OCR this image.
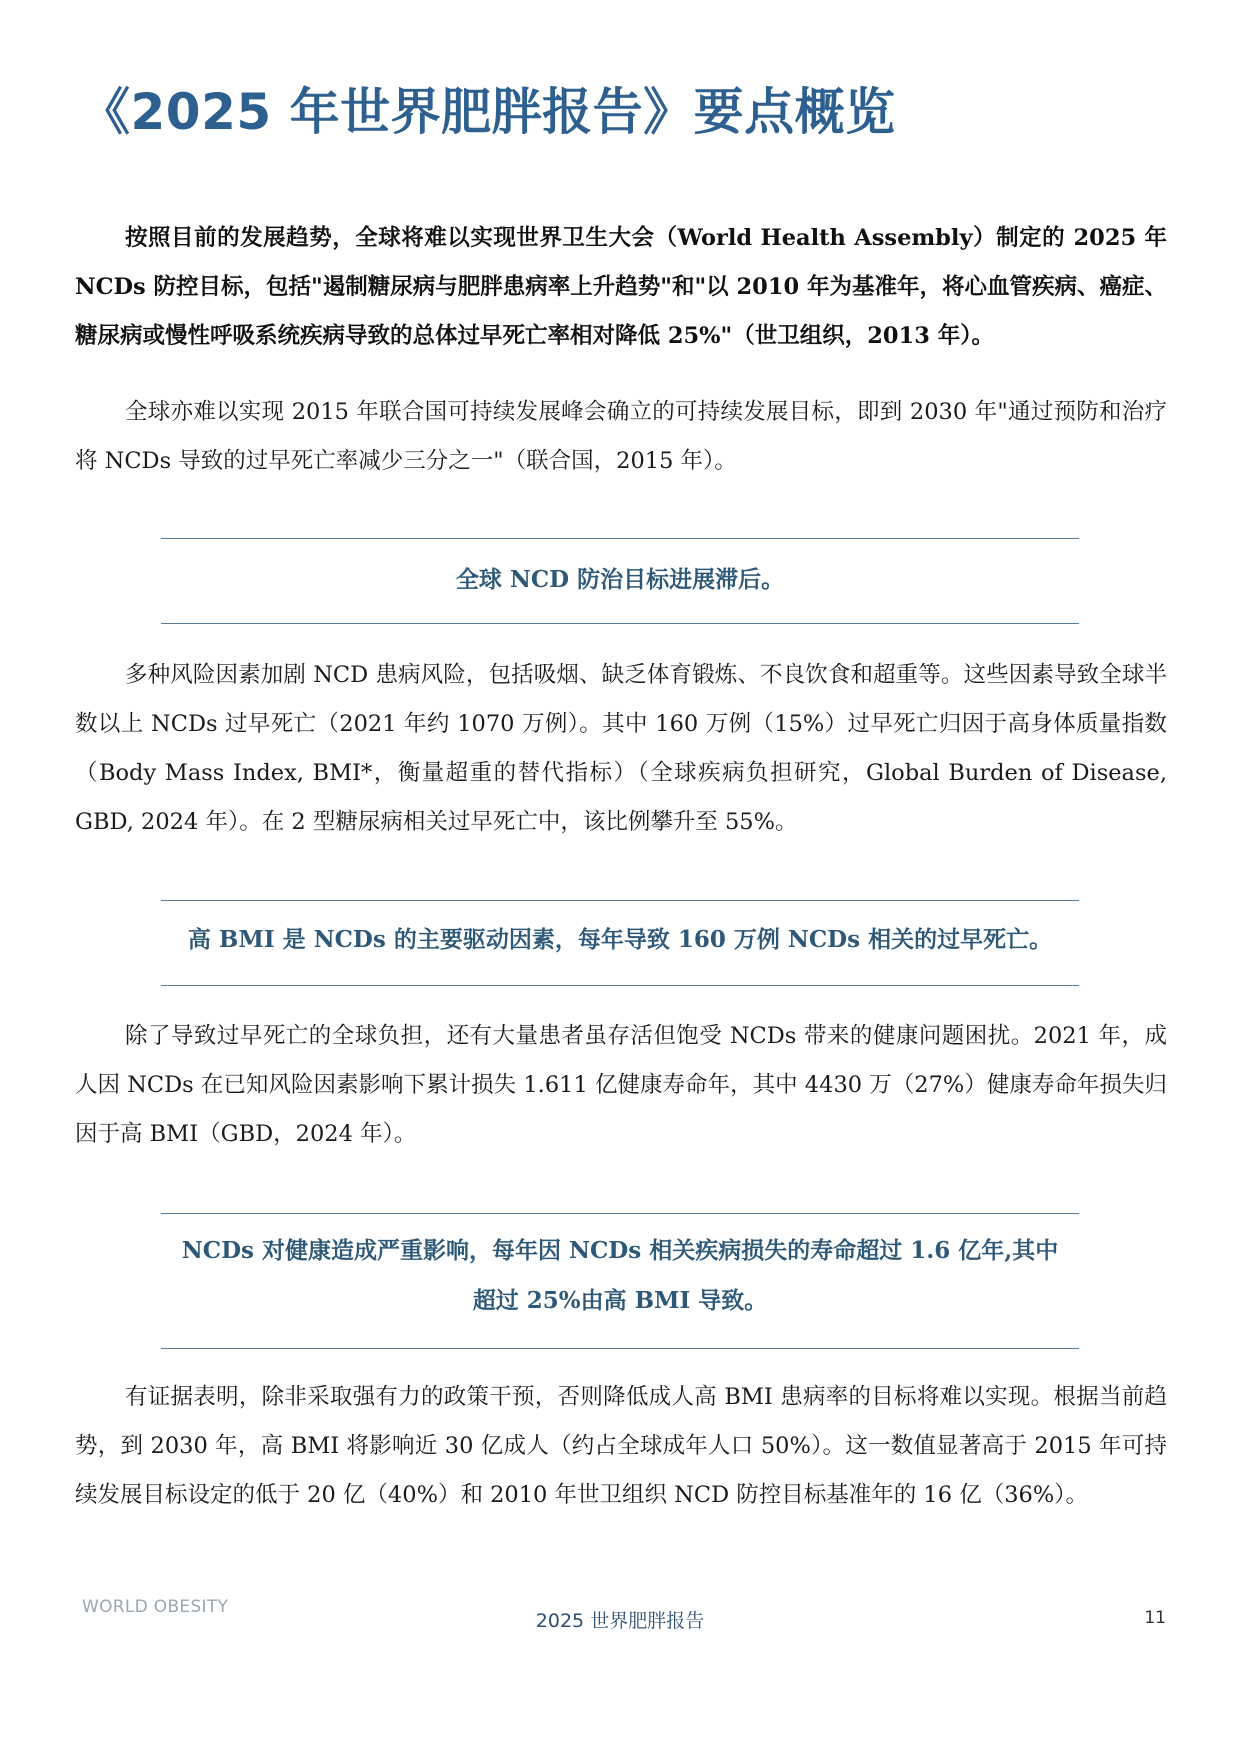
《2025 年世界肥胖报告》要点概览

按照目前的发展趋势，全球将难以实现世界卫生大会（World Health Assembly）制定的 2025 年 NCDs 防控目标，包括"遏制糖尿病与肥胖患病率上升趋势"和"以 2010 年为基准年，将心血管疾病、癌症、糖尿病或慢性呼吸系统疾病导致的总体过早死亡率相对降低 25%"（世卫组织，2013 年）。

全球亦难以实现 2015 年联合国可持续发展峰会确立的可持续发展目标，即到 2030 年"通过预防和治疗将 NCDs 导致的过早死亡率减少三分之一"（联合国，2015 年）。

全球 NCD 防治目标进展滞后。

多种风险因素加剧 NCD 患病风险，包括吸烟、缺乏体育锻炼、不良饮食和超重等。这些因素导致全球半数以上 NCDs 过早死亡（2021 年约 1070 万例）。其中 160 万例（15%）过早死亡归因于高身体质量指数（Body Mass Index, BMI*，衡量超重的替代指标）（全球疾病负担研究，Global Burden of Disease, GBD, 2024 年）。在 2 型糖尿病相关过早死亡中，该比例攀升至 55%。

高 BMI 是 NCDs 的主要驱动因素，每年导致 160 万例 NCDs 相关的过早死亡。

除了导致过早死亡的全球负担，还有大量患者虽存活但饱受 NCDs 带来的健康问题困扰。2021 年，成人因 NCDs 在已知风险因素影响下累计损失 1.611 亿健康寿命年，其中 4430 万（27%）健康寿命年损失归因于高 BMI（GBD，2024 年）。

NCDs 对健康造成严重影响，每年因 NCDs 相关疾病损失的寿命超过 1.6 亿年,其中
超过 25%由高 BMI 导致。

有证据表明，除非采取强有力的政策干预，否则降低成人高 BMI 患病率的目标将难以实现。根据当前趋势，到 2030 年，高 BMI 将影响近 30 亿成人（约占全球成年人口 50%）。这一数值显著高于 2015 年可持续发展目标设定的低于 20 亿（40%）和 2010 年世卫组织 NCD 防控目标基准年的 16 亿（36%）。

WORLD OBESITY
2025 世界肥胖报告	11
